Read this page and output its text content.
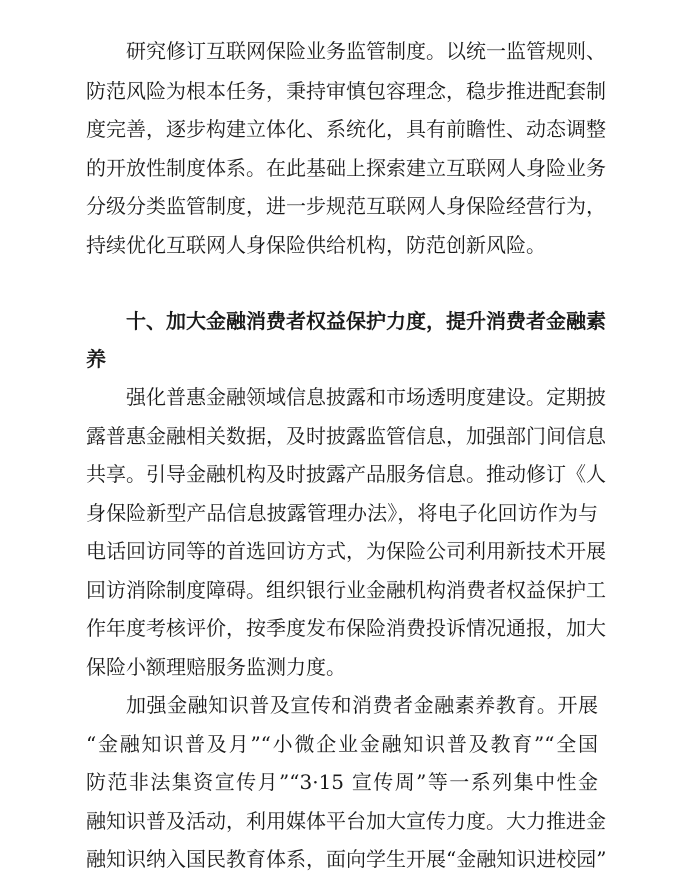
研究修订互联网保险业务监管制度。以统一监管规则、
防范风险为根本任务，秉持审慎包容理念，稳步推进配套制
度完善，逐步构建立体化、系统化，具有前瞻性、动态调整
的开放性制度体系。在此基础上探索建立互联网人身险业务
分级分类监管制度，进一步规范互联网人身保险经营行为，
持续优化互联网人身保险供给机构，防范创新风险。
十、加大金融消费者权益保护力度，提升消费者金融素
养
强化普惠金融领域信息披露和市场透明度建设。定期披
露普惠金融相关数据，及时披露监管信息，加强部门间信息
共享。引导金融机构及时披露产品服务信息。推动修订《人
身保险新型产品信息披露管理办法》，将电子化回访作为与
电话回访同等的首选回访方式，为保险公司利用新技术开展
回访消除制度障碍。组织银行业金融机构消费者权益保护工
作年度考核评价，按季度发布保险消费投诉情况通报，加大
保险小额理赔服务监测力度。
加强金融知识普及宣传和消费者金融素养教育。开展
“金融知识普及月”“小微企业金融知识普及教育”“全国
防范非法集资宣传月”“3·15 宣传周”等一系列集中性金
融知识普及活动，利用媒体平台加大宣传力度。大力推进金
融知识纳入国民教育体系，面向学生开展“金融知识进校园”
